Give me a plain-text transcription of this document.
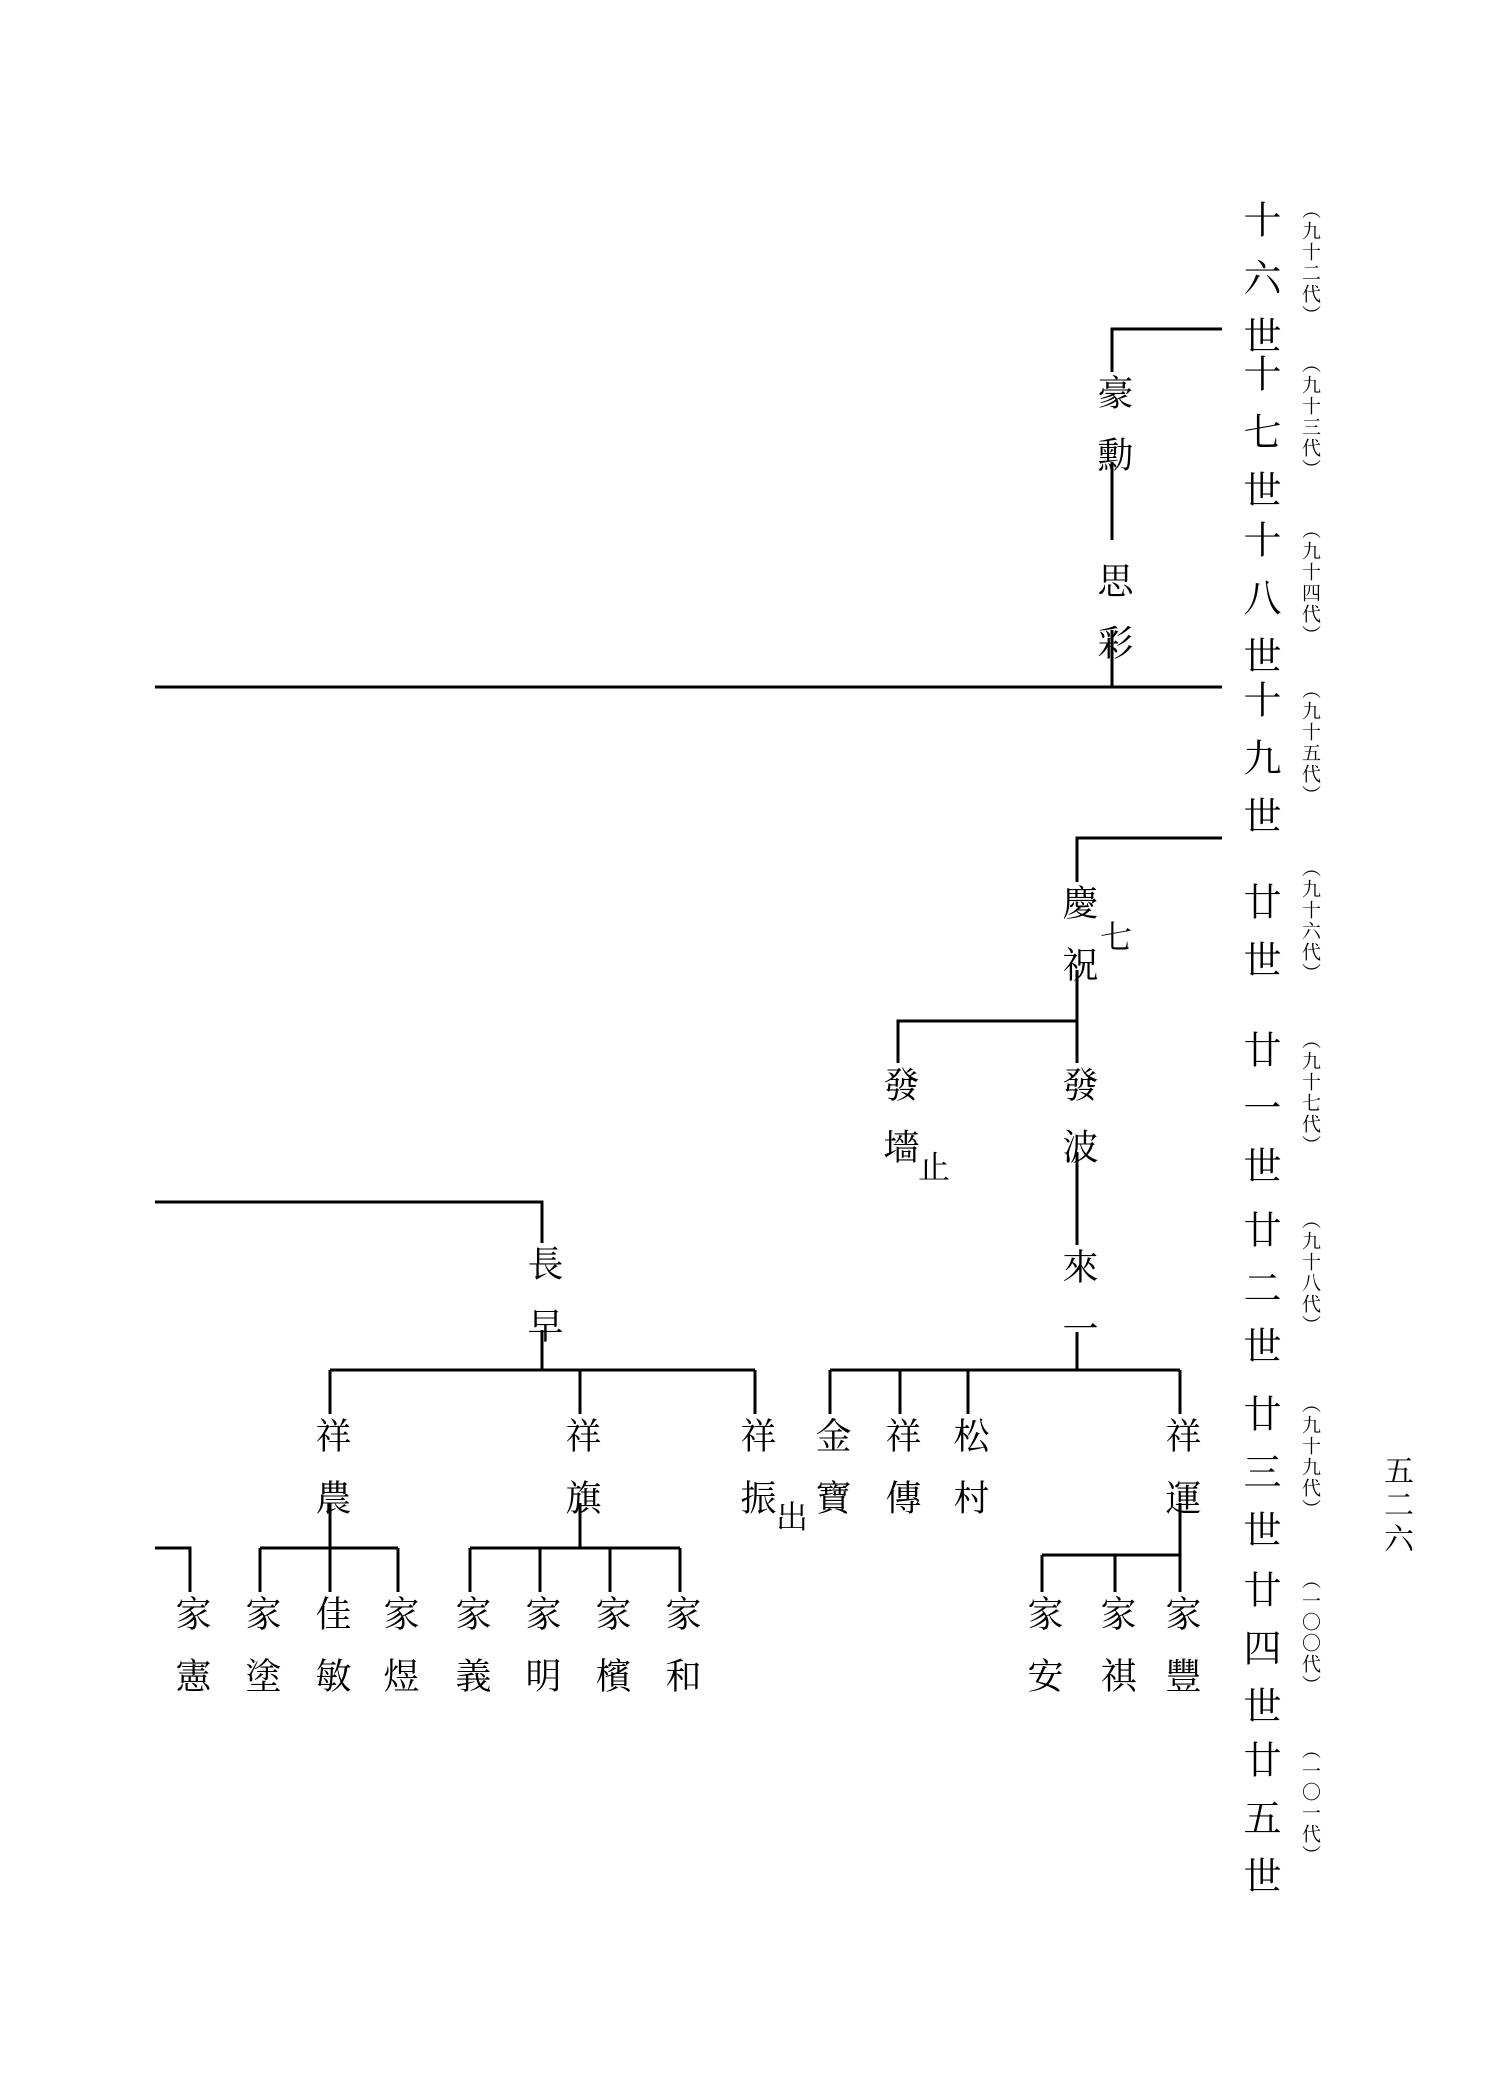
十六世 ︵九十二代︶
十七世 ︵九十三代︶
十八世 ︵九十四代︶
十九世 ︵九十五代︶
廿世 ︵九十六代︶
廿一世 ︵九十七代︶
廿二世 ︵九十八代︶
廿三世 ︵九十九代︶
廿四世 ︵一〇〇代︶
廿五世 ︵一〇一代︶
五二六
豪勳
思彩
慶祝
七
發波
發墻
止
來一
長早
祥農	祥旗	祥振
出 金寶 祥傳 松村	祥運
家憲 家塗 佳敏 家煜 家義 家明 家檳 家和	家安 家祺 家豐
